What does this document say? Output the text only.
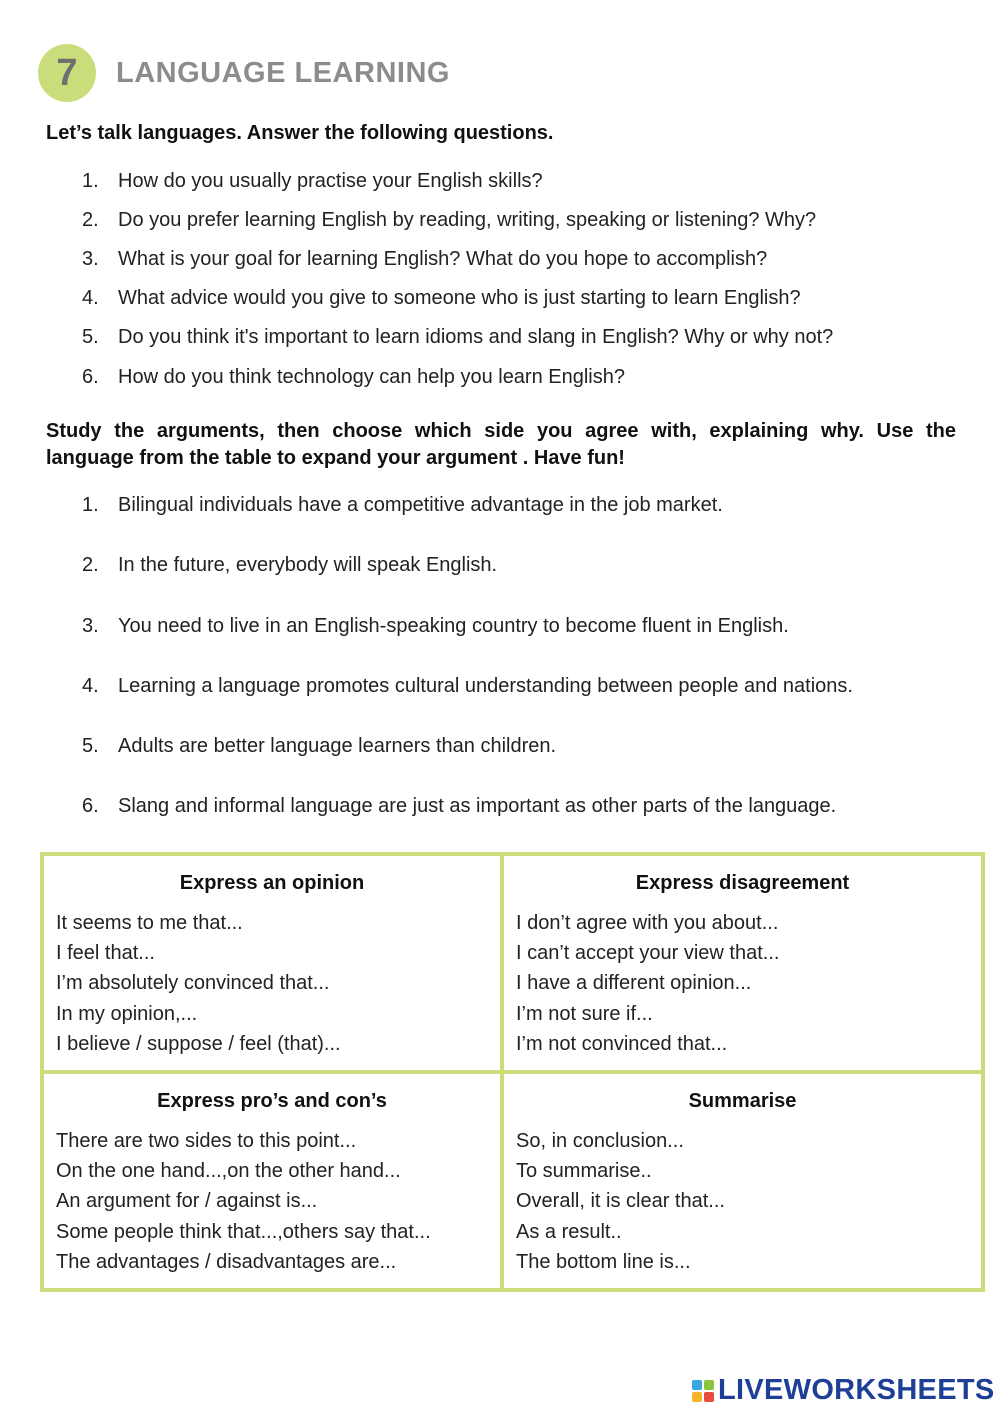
7	LANGUAGE LEARNING
Let’s talk languages. Answer the following questions.
1. How do you usually practise your English skills?
2. Do you prefer learning English by reading, writing, speaking or listening? Why?
3. What is your goal for learning English? What do you hope to accomplish?
4. What advice would you give to someone who is just starting to learn English?
5. Do you think it's important to learn idioms and slang in English? Why or why not?
6. How do you think technology can help you learn English?
Study the arguments, then choose which side you agree with, explaining why. Use the language from the table to expand your argument . Have fun!
1. Bilingual individuals have a competitive advantage in the job market.
2. In the future, everybody will speak English.
3. You need to live in an English-speaking country to become fluent in English.
4. Learning a language promotes cultural understanding between people and nations.
5. Adults are better language learners than children.
6. Slang and informal language are just as important as other parts of the language.
Express an opinion
It seems to me that...
I feel that...
I’m absolutely convinced that...
In my opinion,...
I believe / suppose / feel (that)...
Express disagreement
I don’t agree with you about...
I can’t accept your view that...
I have a different opinion...
I’m not sure if...
I’m not convinced that...
Express pro’s and con’s
There are two sides to this point...
On the one hand...,on the other hand...
An argument for / against is...
Some people think that...,others say that...
The advantages / disadvantages are...
Summarise
So, in conclusion...
To summarise..
Overall, it is clear that...
As a result..
The bottom line is...
LIVEWORKSHEETS
